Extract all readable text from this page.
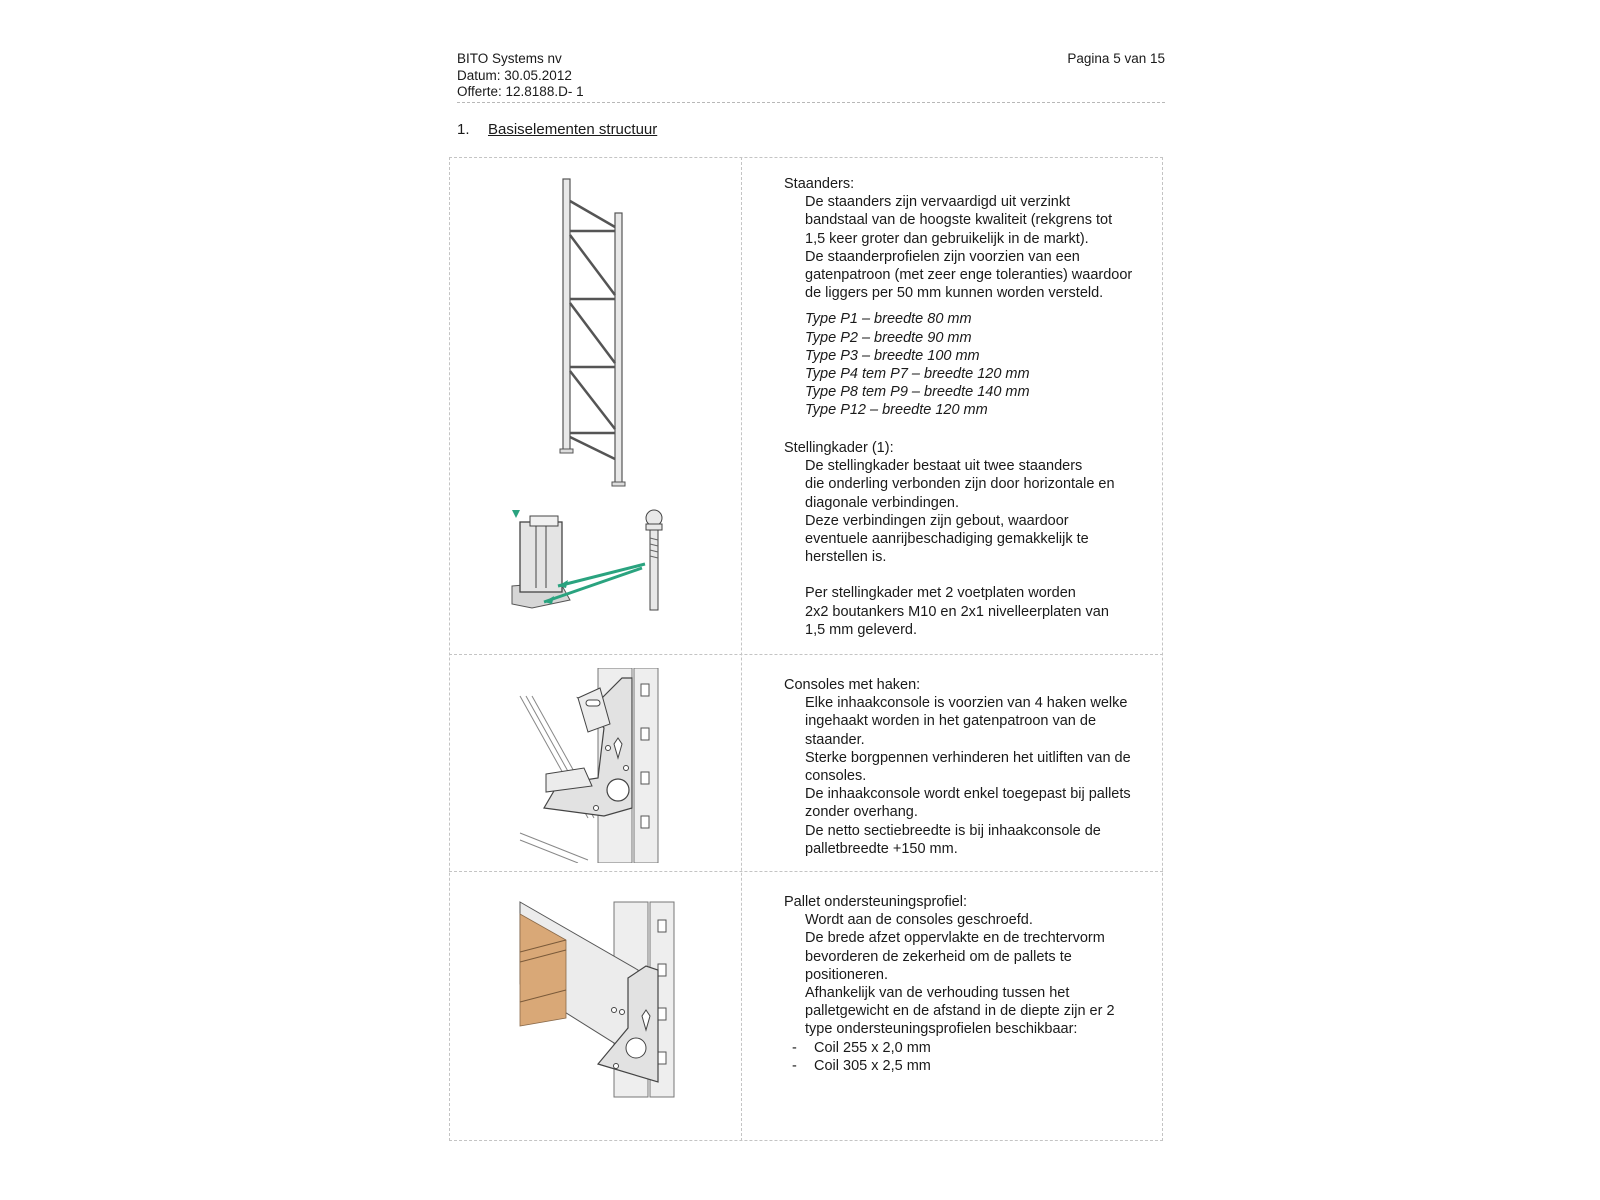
BITO Systems nv
Datum: 30.05.2012
Offerte: 12.8188.D- 1
Pagina 5 van 15
1. Basiselementen structuur
Staanders:
De staanders zijn vervaardigd uit verzinkt
bandstaal van de hoogste kwaliteit (rekgrens tot
1,5 keer groter dan gebruikelijk in de markt).
De staanderprofielen zijn voorzien van een
gatenpatroon (met zeer enge toleranties) waardoor
de liggers per 50 mm kunnen worden versteld.
Type P1 – breedte 80 mm
Type P2 – breedte 90 mm
Type P3 – breedte 100 mm
Type P4 tem P7 – breedte 120 mm
Type P8 tem P9 – breedte 140 mm
Type P12 – breedte 120 mm
Stellingkader (1):
De stellingkader bestaat uit twee staanders
die onderling verbonden zijn door horizontale en
diagonale verbindingen.
Deze verbindingen zijn gebout, waardoor
eventuele aanrijbeschadiging gemakkelijk te
herstellen is.
Per stellingkader met 2 voetplaten worden
2x2 boutankers M10 en 2x1 nivelleerplaten van
1,5 mm geleverd.
Consoles met haken:
Elke inhaakconsole is voorzien van 4 haken welke
ingehaakt worden in het gatenpatroon van de
staander.
Sterke borgpennen verhinderen het uitliften van de
consoles.
De inhaakconsole wordt enkel toegepast bij pallets
zonder overhang.
De netto sectiebreedte is bij inhaakconsole de
palletbreedte +150 mm.
Pallet ondersteuningsprofiel:
Wordt aan de consoles geschroefd.
De brede afzet oppervlakte en de trechtervorm
bevorderen de zekerheid om de pallets te
positioneren.
Afhankelijk van de verhouding tussen het
palletgewicht en de afstand in de diepte zijn er 2
type ondersteuningsprofielen beschikbaar:
- Coil 255 x 2,0 mm
- Coil 305 x 2,5 mm
